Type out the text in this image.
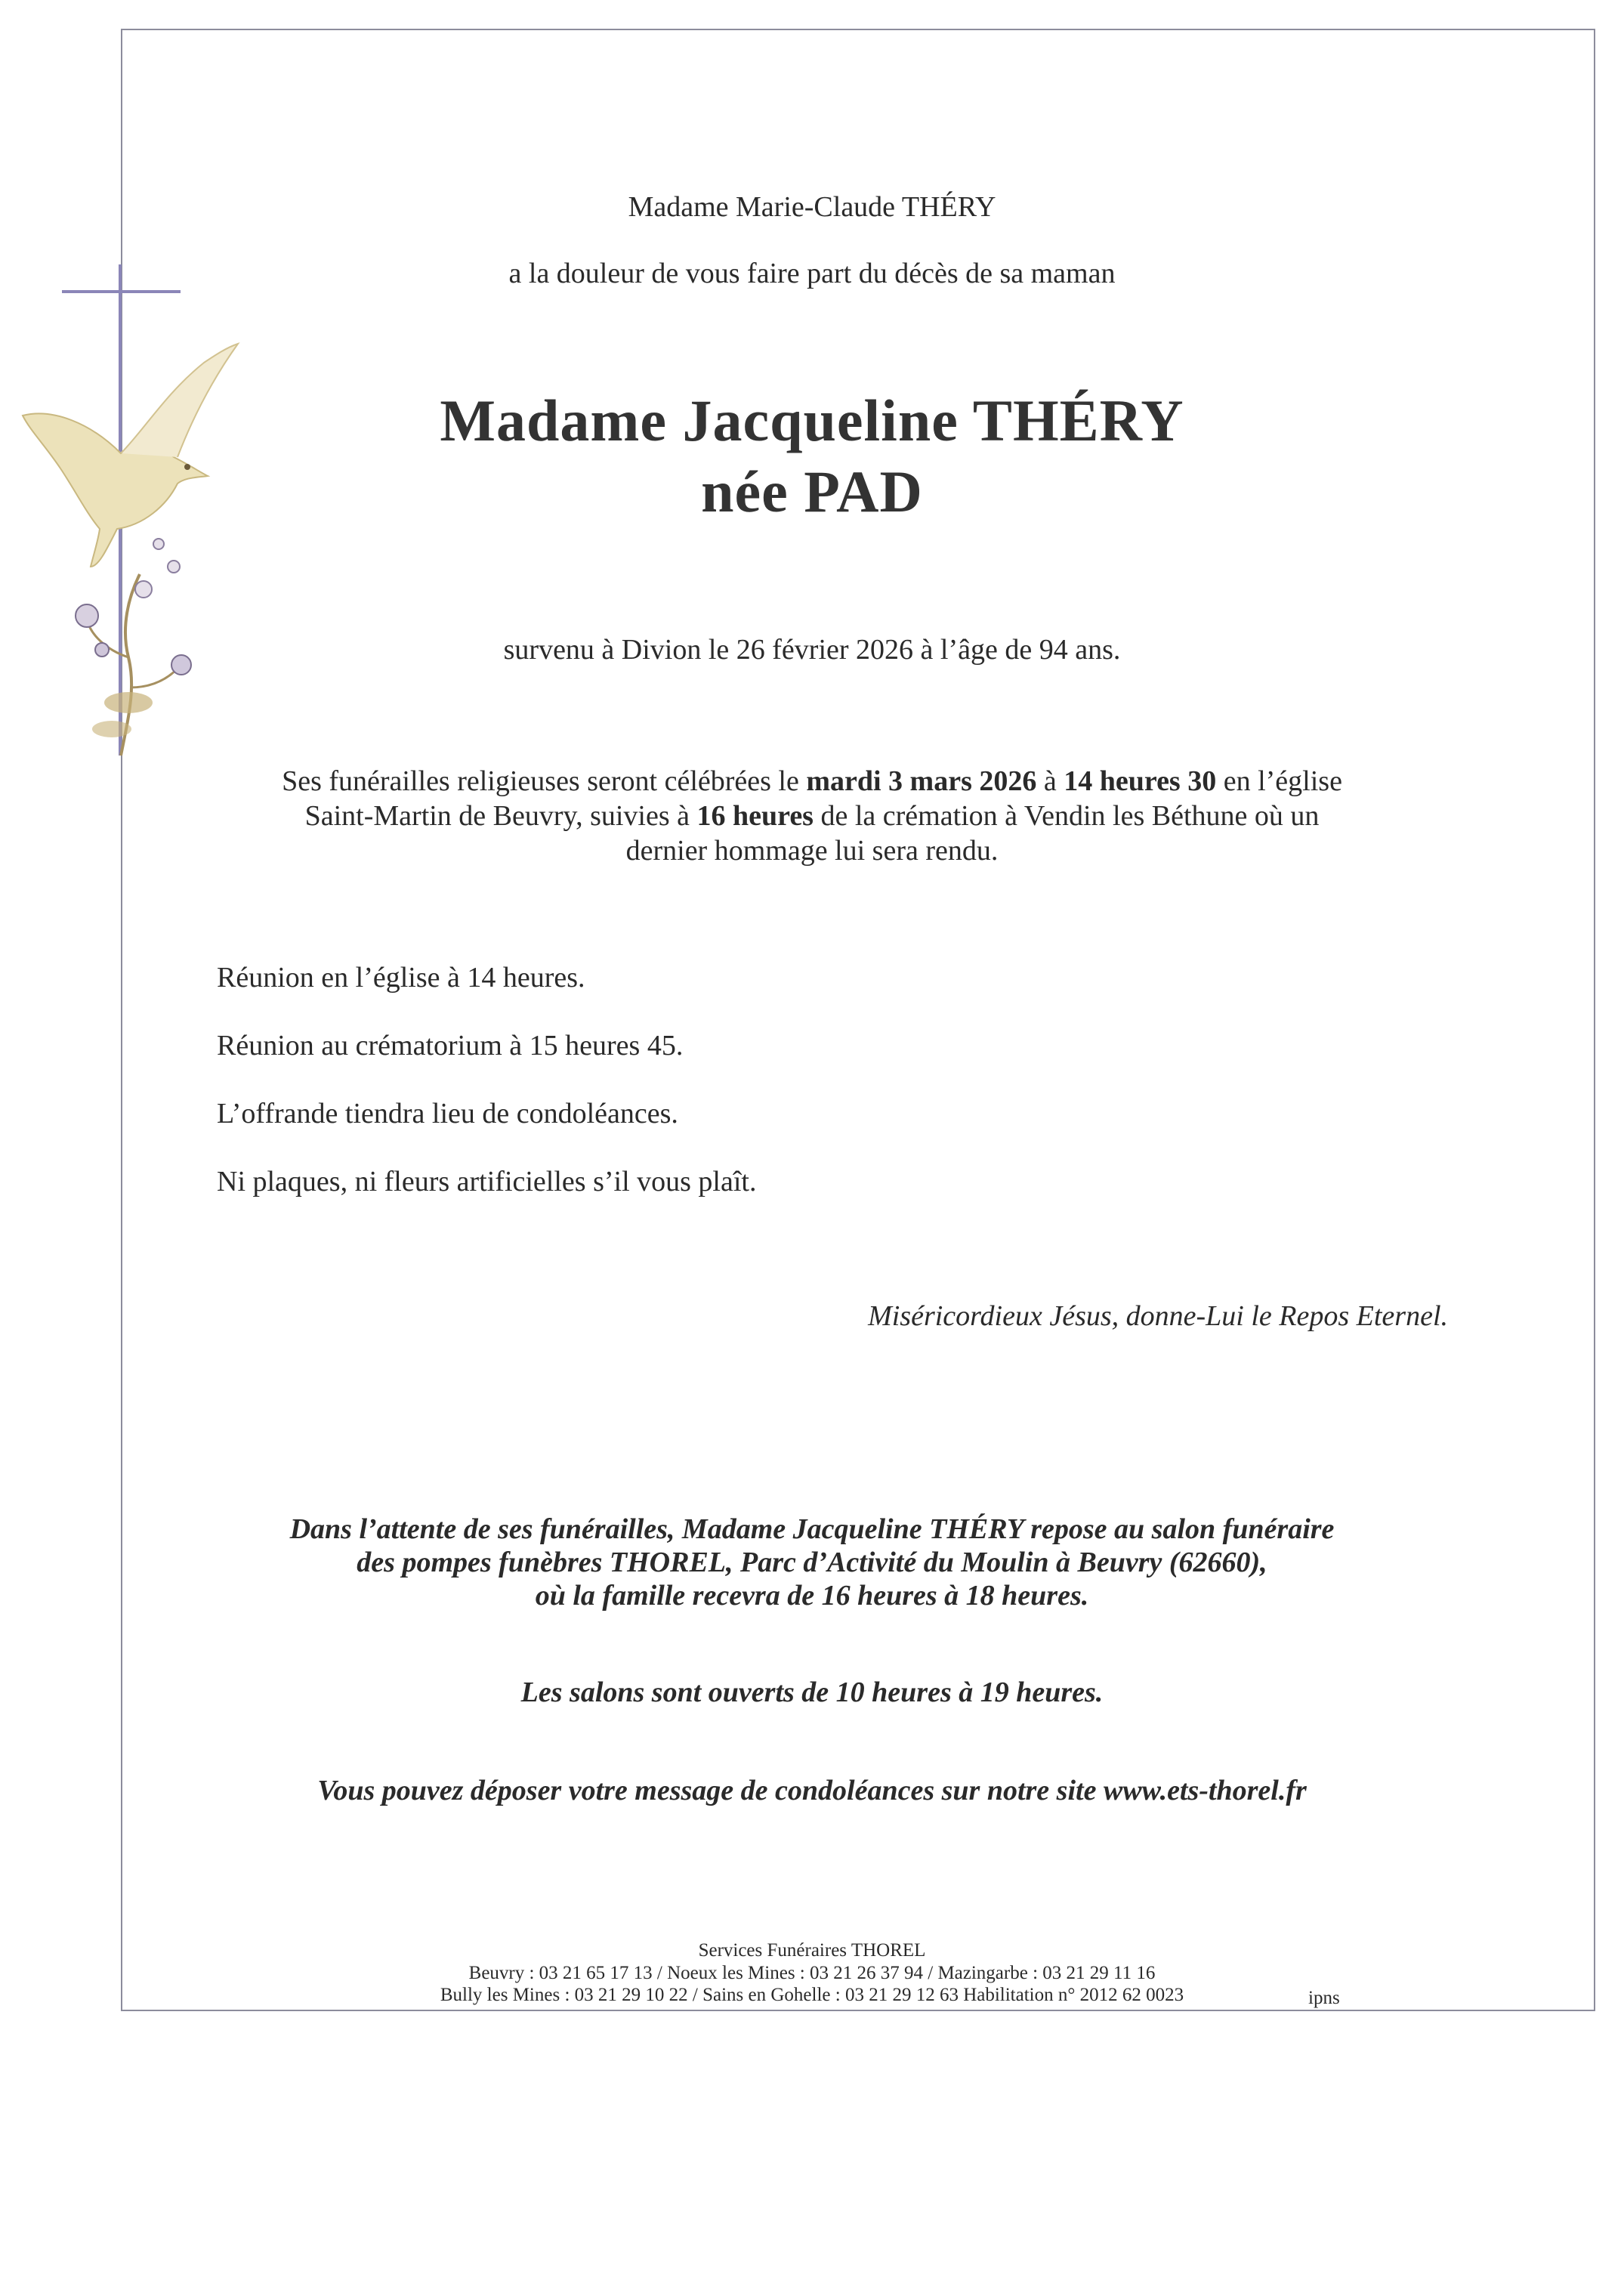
Madame Marie-Claude THÉRY
a la douleur de vous faire part du décès de sa maman
Madame Jacqueline THÉRY
née PAD
survenu à Divion le 26 février 2026 à l’âge de 94 ans.
Ses funérailles religieuses seront célébrées le mardi 3 mars 2026 à 14 heures 30 en l’église
Saint-Martin de Beuvry, suivies à 16 heures de la crémation à Vendin les Béthune où un
dernier hommage lui sera rendu.
Réunion en l’église à 14 heures.
Réunion au crématorium à 15 heures 45.
L’offrande tiendra lieu de condoléances.
Ni plaques, ni fleurs artificielles s’il vous plaît.
Miséricordieux Jésus, donne-Lui le Repos Eternel.
Dans l’attente de ses funérailles, Madame Jacqueline THÉRY repose au salon funéraire
des pompes funèbres THOREL, Parc d’Activité du Moulin à Beuvry (62660),
où la famille recevra de 16 heures à 18 heures.
Les salons sont ouverts de 10 heures à 19 heures.
Vous pouvez déposer votre message de condoléances sur notre site www.ets-thorel.fr
Services Funéraires THOREL
Beuvry : 03 21 65 17 13 / Noeux les Mines : 03 21 26 37 94 / Mazingarbe : 03 21 29 11 16
Bully les Mines : 03 21 29 10 22 / Sains en Gohelle : 03 21 29 12 63 Habilitation n° 2012 62 0023	ipns
